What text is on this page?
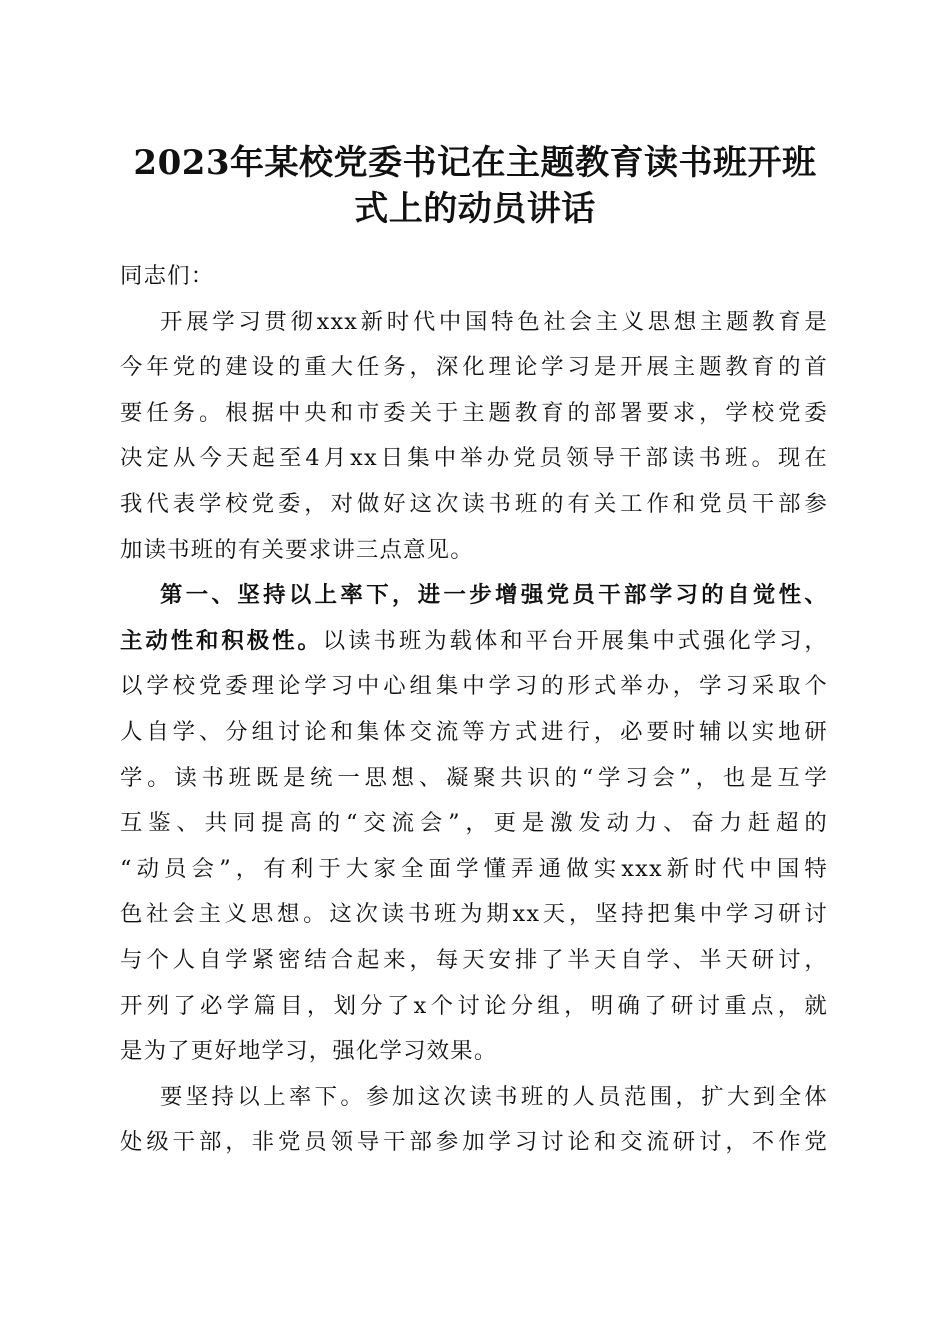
2023年某校党委书记在主题教育读书班开班
式上的动员讲话
同志们：
开展学习贯彻xxx新时代中国特色社会主义思想主题教育是
今年党的建设的重大任务，深化理论学习是开展主题教育的首
要任务。根据中央和市委关于主题教育的部署要求，学校党委
决定从今天起至4月xx日集中举办党员领导干部读书班。现在
我代表学校党委，对做好这次读书班的有关工作和党员干部参
加读书班的有关要求讲三点意见。
第一、坚持以上率下，进一步增强党员干部学习的自觉性、
主动性和积极性。以读书班为载体和平台开展集中式强化学习，
以学校党委理论学习中心组集中学习的形式举办，学习采取个
人自学、分组讨论和集体交流等方式进行，必要时辅以实地研
学。读书班既是统一思想、凝聚共识的“学习会”，也是互学
互鉴、共同提高的“交流会”，更是激发动力、奋力赶超的
“动员会”，有利于大家全面学懂弄通做实xxx新时代中国特
色社会主义思想。这次读书班为期xx天，坚持把集中学习研讨
与个人自学紧密结合起来，每天安排了半天自学、半天研讨，
开列了必学篇目，划分了x个讨论分组，明确了研讨重点，就
是为了更好地学习，强化学习效果。
要坚持以上率下。参加这次读书班的人员范围，扩大到全体
处级干部，非党员领导干部参加学习讨论和交流研讨，不作党
